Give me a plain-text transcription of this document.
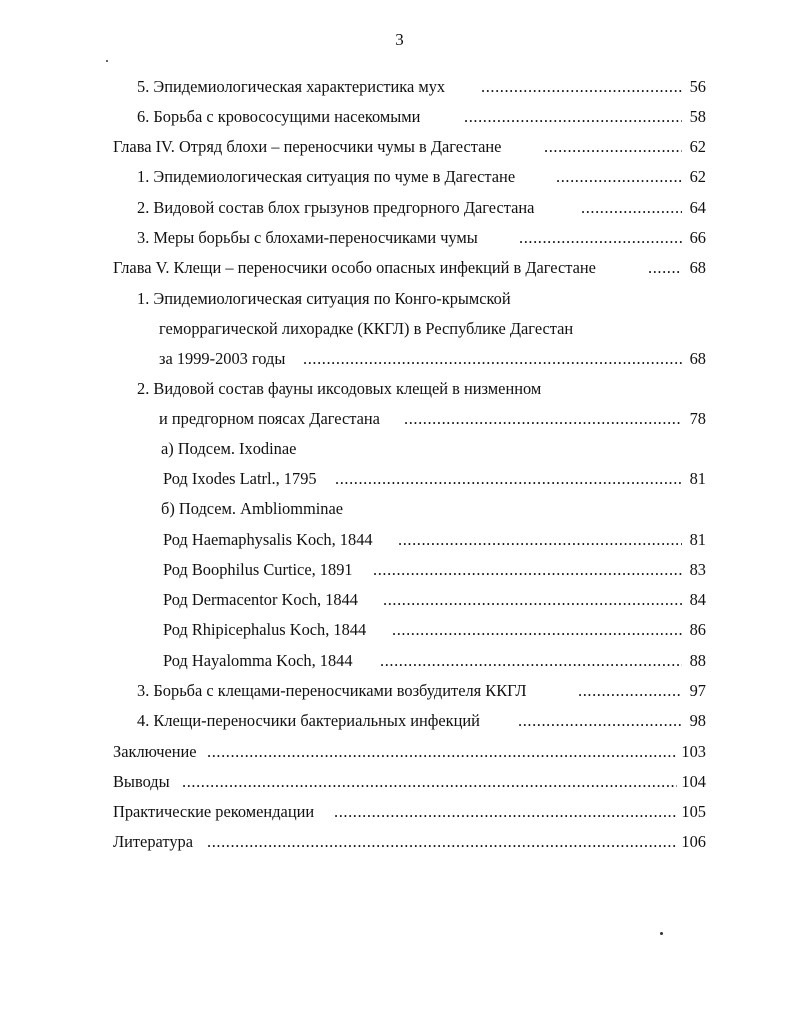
3
5. Эпидемиологическая характеристика мух .....	56
6. Борьба с кровососущими насекомыми .....	58
Глава IV. Отряд блохи – переносчики чумы в Дагестане .....	62
1. Эпидемиологическая ситуация по чуме в Дагестане .....	62
2. Видовой состав блох грызунов предгорного Дагестана .....	64
3. Меры борьбы с блохами-переносчиками чумы .....	66
Глава V. Клещи – переносчики особо опасных инфекций в Дагестане .....	68
1. Эпидемиологическая ситуация по Конго-крымской
геморрагической лихорадке (ККГЛ) в Республике Дагестан
за 1999-2003 годы .....	68
2. Видовой состав фауны иксодовых клещей в низменном
и предгорном поясах Дагестана .....	78
а) Подсем. Ixodinae
Род Ixodes Latrl., 1795 .....	81
б) Подсем. Ambliomminae
Род Haemaphysalis Koch, 1844 .....	81
Род Boophilus Curtice, 1891 .....	83
Род Dermacentor Koch, 1844 .....	84
Род Rhipicephalus Koch, 1844 .....	86
Род Hayalomma Koch, 1844 .....	88
3. Борьба с клещами-переносчиками возбудителя ККГЛ .....	97
4. Клещи-переносчики бактериальных инфекций .....	98
Заключение .....	103
Выводы .....	104
Практические рекомендации .....	105
Литература .....	106
